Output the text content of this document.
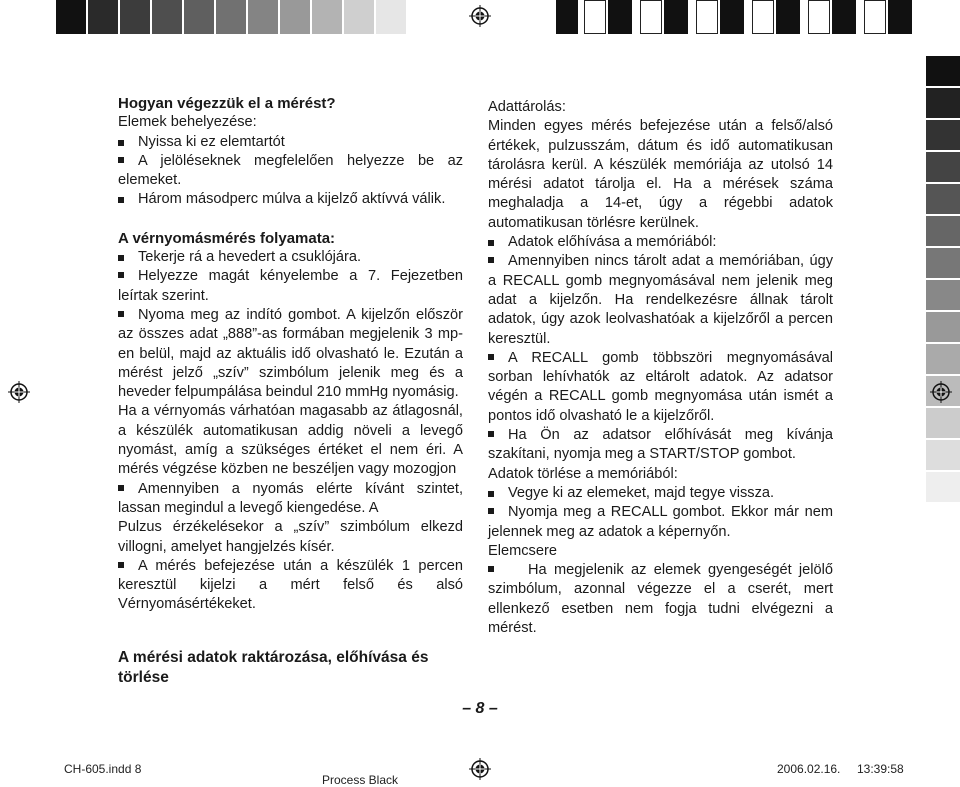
Hogyan végezzük el a mérést?

Elemek behelyezése:

Nyissa ki ez elemtartót

A jelöléseknek megfelelően helyezze be az elemeket.

Három másodperc múlva a kijelző aktívvá válik.

A vérnyomásmérés folyamata:

Tekerje rá a hevedert a csuklójára.

Helyezze magát kényelembe a 7. Fejezetben leírtak szerint.

Nyoma meg az indító gombot. A kijelzőn először az összes adat „888”-as formában megjelenik 3 mp-en belül, majd az aktuális idő olvasható le. Ezután a mérést jelző „szív” szimbólum jelenik meg és a heveder felpumpálása beindul 210 mmHg nyomásig.

Ha a vérnyomás várhatóan magasabb az átlagosnál, a készülék automatikusan addig növeli a levegő nyomást, amíg a szükséges értéket el nem éri. A mérés végzése közben ne beszéljen vagy mozogjon

Amennyiben a nyomás elérte kívánt szintet, lassan megindul a levegő kiengedése. A

Pulzus érzékelésekor a „szív” szimbólum elkezd villogni, amelyet hangjelzés kísér.

A mérés befejezése után a készülék 1 percen keresztül kijelzi a mért felső és alsó Vérnyomásértékeket.

A mérési adatok raktározása, előhívása és törlése

Adattárolás:

Minden egyes mérés befejezése után a felső/alsó értékek, pulzusszám, dátum és idő automatikusan tárolásra kerül. A készülék memóriája az utolsó 14 mérési adatot tárolja el. Ha a mérések száma meghaladja a 14-et, úgy a régebbi adatok automatikusan törlésre kerülnek.

Adatok előhívása a memóriából:

Amennyiben nincs tárolt adat a memóriában, úgy a RECALL gomb megnyomásával nem jelenik meg adat a kijelzőn. Ha rendelkezésre állnak tárolt adatok, úgy azok leolvashatóak a kijelzőről a percen keresztül.

A RECALL gomb többszöri megnyomásával sorban lehívhatók az eltárolt adatok. Az adatsor végén a RECALL gomb megnyomása után ismét a pontos idő olvasható le a kijelzőről.

Ha Ön az adatsor előhívását meg kívánja szakítani, nyomja meg a START/STOP gombot.

Adatok törlése a memóriából:

Vegye ki az elemeket, majd tegye vissza.

Nyomja meg a RECALL gombot. Ekkor már nem jelennek meg az adatok a képernyőn.

Elemcsere

Ha megjelenik az elemek gyengeségét jelölő szimbólum, azonnal végezze el a cserét, mert ellenkező esetben nem fogja tudni elvégezni a mérést.

– 8 –
CH-605.indd 8
Process Black
2006.02.16. 13:39:58
